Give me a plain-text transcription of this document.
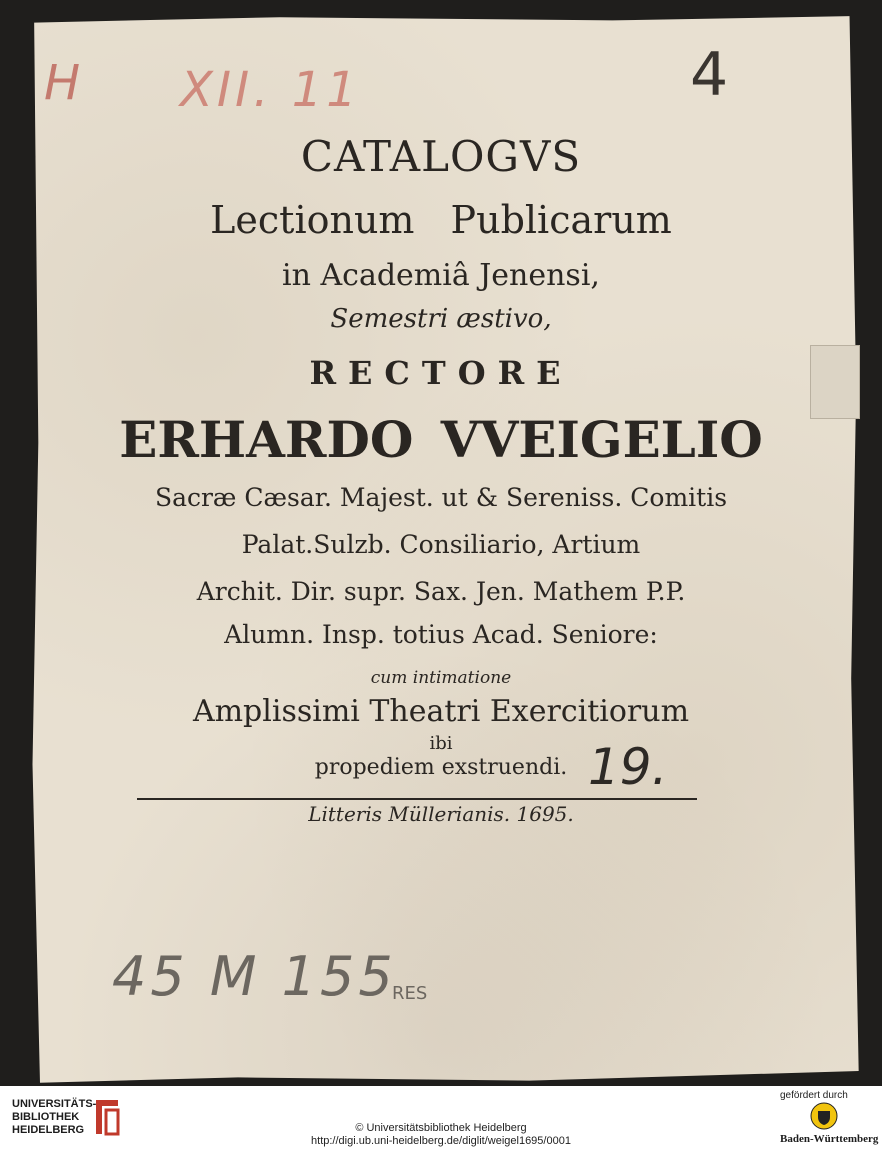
H XII. 11	4
CATALOGVS
Lectionum Publicarum
in Academiâ Jenensi,
Semestri æstivo,
RECTORE
ERHARDO VVEIGELIO
Sacræ Cæsar. Majest. ut & Sereniss. Comitis
Palat.Sulzb. Consiliario, Artium
Archit. Dir. supr. Sax. Jen. Mathem P.P.
Alumn. Insp. totius Acad. Seniore:
cum intimatione
Amplissimi Theatri Exercitiorum
ibi
propediem exstruendi. 19.
Litteris Müllerianis. 1695.
45 M 155
RES
UNIVERSITÄTS-
BIBLIOTHEK
HEIDELBERG	© Universitätsbibliothek Heidelberg
http://digi.ub.uni-heidelberg.de/diglit/weigel1695/0001
gefördert durch
Baden-Württemberg
